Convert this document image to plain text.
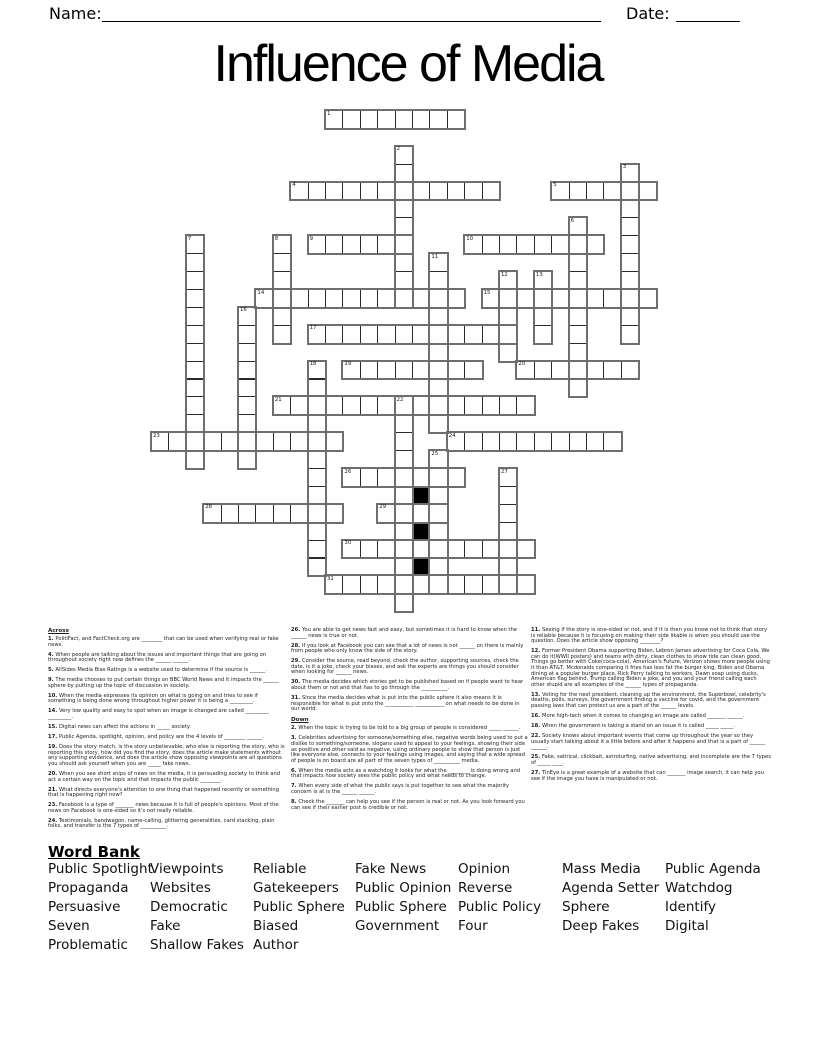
Name:	Date:
Influence of Media
1
2
3
4	5
6
7	8	9	10
11
12	13
14	15
16
17
18	19	20
21	22
23	24
25
26	27
28	29
30
31
Across

1. PolitiFact, and FactCheck.org are ________ that can be used when verifying real or fake news.

4. When people are talking about the issues and important things that are going on throughout society right now defines the ______ ______.

5. AllSides Media Bias Ratings is a website used to determine if the source is ______.

9. The media chooses to put certain things on BBC World News and it impacts the ______ sphere by putting up the topic of discussion in society.

10. When the media expresses its opinion on what is going on and tries to see if something is being done wrong throughout higher power it is being a _________.

14. Very low quality and easy to spot when an image is changed are called _________ _________.

15. Digital news can affect the actions in _____ society.

17. Public Agenda, spotlight, opinion, and policy are the 4 levels of ________ ______.

19. Does the story match, is the story unbelievable, who else is reporting the story, who is reporting this story, how did you find the story, does the article make statements without any supporting evidence, and does the article show opposing viewpoints are all questions you should ask yourself when you are _____ fake news.

20. When you see short snips of news on the media, it is persuading society to think and act a certain way on the topic and that impacts the public ________.

21. What directs everyone's attention to one thing that happened recently or something that is happening right now?

23. Facebook is a type of _______ news because it is full of people's opinions. Most of the news on Facebook is one-sided so it's not really reliable.

24. Testimonials, bandwagon, name-calling, glittering generalities, card stacking, plain folks, and transfer is the 7 types of __________.

26. You are able to get news fast and easy, but sometimes it is hard to know when the ______ news is true or not.

28. If you look at Facebook you can see that a lot of news is not ______ on there is mainly from people who only know the side of the story.

29. Consider the source, read beyond, check the author, supporting sources, check the date, is it a joke, check your biases, and ask the experts are things you should consider when looking for ______ news.

30. The media decides which stories get to be published based on if people want to hear about them or not and that has to go through the __________.

31. Since the media decides what is put into the public sphere it also means it is responsible for what is put onto the ___________ ___________ on what needs to be done in our world.

Down

2. When the topic is trying to be told to a big group of people is considered _____ ______.

3. Celebrities advertising for someone/something else, negative words being used to put a dislike to something/someone, slogans used to appeal to your feelings, showing their side as positive and other said as negative, using ordinary people to show that person is just like everyone else, connects to your feelings using images, and saying that a wide spread of people is on board are all part of the seven types of __________ media.

6. When the media acts as a watchdog it looks for what the ________ is doing wrong and that impacts how society sees the public policy and what needs to change.

7. When every side of what the public says is put together to see what the majority concern is at is the ______ ______.

8. Check the _______ can help you see if the person is real or not. As you look forward you can see if their earlier post is credible or not.

11. Seeing if the story is one-sided or not, and if it is then you know not to think that story is reliable because it is focusing on making their side likable is when you should use the question. Does the article show opposing ________?

12. Former President Obama supporting Biden, Lebron James advertising for Coca Cola, We can do it(WWII posters) and teams with dirty, clean clothes to show tide can clean good, Things go better with Coke(coca-cola), American's Future, Verizon shows more people using it than AT&T, Mcdonalds comparing it fries has less fat the burger king, Biden and Obama dining at a popular burger place, Rick Perry talking to workers, Dawn soap using ducks, American flag behind, Trump calling Biden a joke, and you and your friend calling each other stupid are all examples of the ______ types of propaganda.

13. Voting for the next president, cleaning up the environment, the Superbowl, celebrity's deaths, polls, surveys, the government finding a vaccine for covid, and the government passing laws that can protect us are a part of the ______ levels.

16. More high-tech when it comes to changing an image are called _______ ______.

18. When the government is taking a stand on an issue it is called _____ _____.

22. Society knows about important events that come up throughout the year so they usually start talking about it a little before and after it happens and that is a part of ______ ______.

25. Fake, satirical, clickbait, astroturfing, native advertising, and incomplete are the 7 types of _____ ____.

27. TinEye is a great example of a website that can _______ image search, it can help you see if the image you have is manipulated or not.

Word Bank
Public Spotlight
Propaganda
Persuasive
Seven
Problematic
Viewpoints
Websites
Democratic
Fake
Shallow Fakes
Reliable
Gatekeepers
Public Sphere
Biased
Author
Fake News
Public Opinion
Public Sphere
Government
Opinion
Reverse
Public Policy
Four
Mass Media
Agenda Setter
Sphere
Deep Fakes
Public Agenda
Watchdog
Identify
Digital
